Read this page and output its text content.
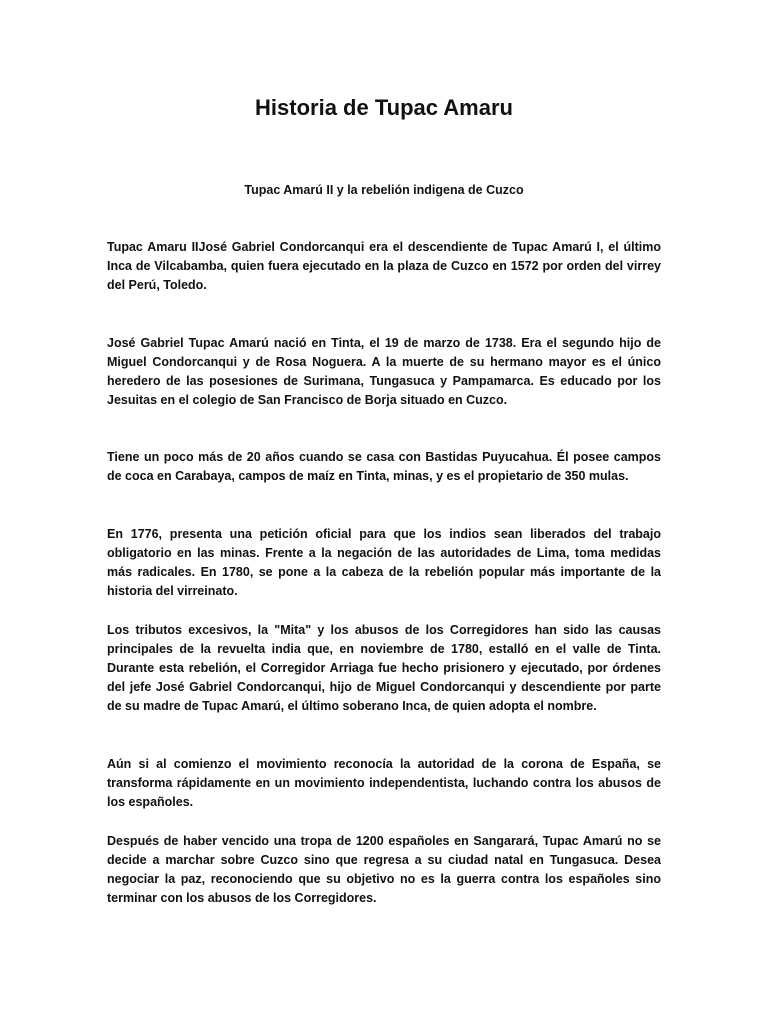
Historia de Tupac Amaru
Tupac Amarú II y la rebelión indigena de Cuzco

Tupac Amaru IIJosé Gabriel Condorcanqui era el descendiente de Tupac Amarú I, el último Inca de Vilcabamba, quien fuera ejecutado en la plaza de Cuzco en 1572 por orden del virrey del Perú, Toledo.

José Gabriel Tupac Amarú nació en Tinta, el 19 de marzo de 1738. Era el segundo hijo de Miguel Condorcanqui y de Rosa Noguera. A la muerte de su hermano mayor es el único heredero de las posesiones de Surimana, Tungasuca y Pampamarca. Es educado por los Jesuitas en el colegio de San Francisco de Borja situado en Cuzco.

Tiene un poco más de 20 años cuando se casa con Bastidas Puyucahua. Él posee campos de coca en Carabaya, campos de maíz en Tinta, minas, y es el propietario de 350 mulas.

En 1776, presenta una petición oficial para que los indios sean liberados del trabajo obligatorio en las minas. Frente a la negación de las autoridades de Lima, toma medidas más radicales. En 1780, se pone a la cabeza de la rebelión popular más importante de la historia del virreinato.

Los tributos excesivos, la "Mita" y los abusos de los Corregidores han sido las causas principales de la revuelta india que, en noviembre de 1780, estalló en el valle de Tinta. Durante esta rebelión, el Corregidor Arriaga fue hecho prisionero y ejecutado, por órdenes del jefe José Gabriel Condorcanqui, hijo de Miguel Condorcanqui y descendiente por parte de su madre de Tupac Amarú, el último soberano Inca, de quien adopta el nombre.

Aún si al comienzo el movimiento reconocía la autoridad de la corona de España, se transforma rápidamente en un movimiento independentista, luchando contra los abusos de los españoles.

Después de haber vencido una tropa de 1200 españoles en Sangarará, Tupac Amarú no se decide a marchar sobre Cuzco sino que regresa a su ciudad natal en Tungasuca. Desea negociar la paz, reconociendo que su objetivo no es la guerra contra los españoles sino terminar con los abusos de los Corregidores.
